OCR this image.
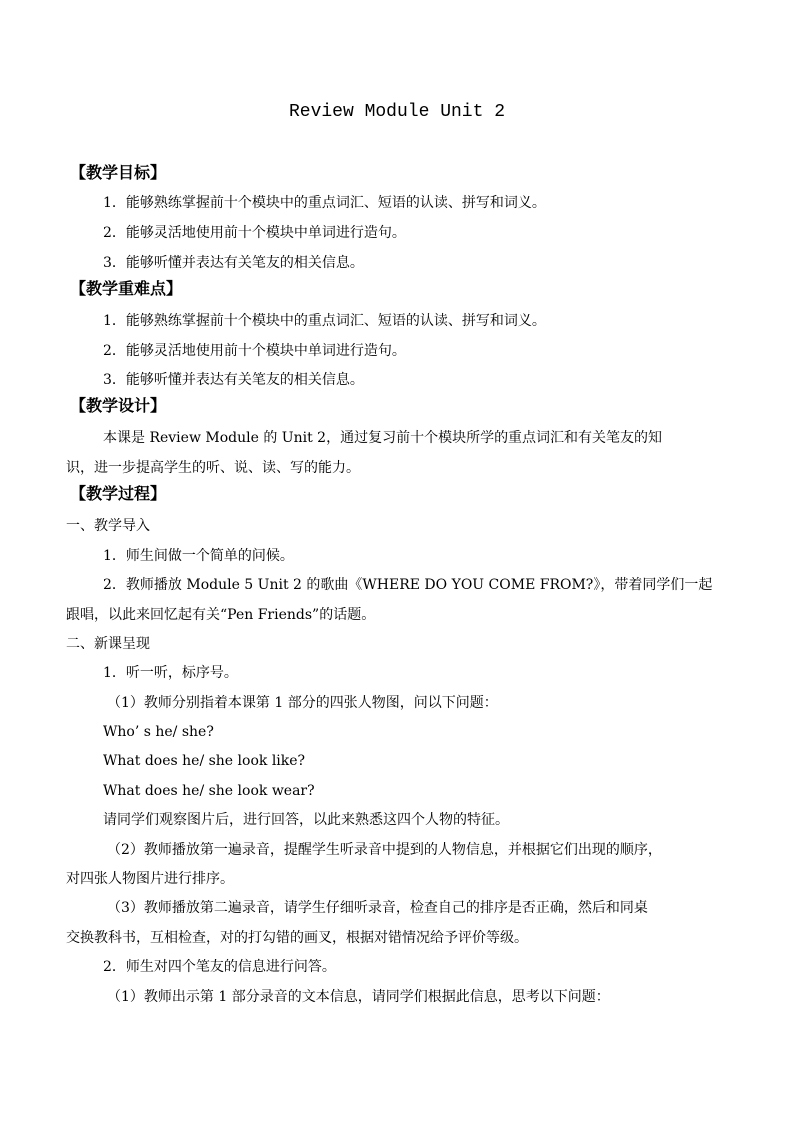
Review Module Unit 2
【教学目标】
1．能够熟练掌握前十个模块中的重点词汇、短语的认读、拼写和词义。
2．能够灵活地使用前十个模块中单词进行造句。
3．能够听懂并表达有关笔友的相关信息。
【教学重难点】
1．能够熟练掌握前十个模块中的重点词汇、短语的认读、拼写和词义。
2．能够灵活地使用前十个模块中单词进行造句。
3．能够听懂并表达有关笔友的相关信息。
【教学设计】
本课是 Review Module 的 Unit 2，通过复习前十个模块所学的重点词汇和有关笔友的知
识，进一步提高学生的听、说、读、写的能力。
【教学过程】
一、教学导入
1．师生间做一个简单的问候。
2．教师播放 Module 5 Unit 2 的歌曲《WHERE DO YOU COME FROM?》，带着同学们一起
跟唱，以此来回忆起有关“Pen Friends”的话题。
二、新课呈现
1．听一听，标序号。
（1）教师分别指着本课第 1 部分的四张人物图，问以下问题：
Who’ s he/ she?
What does he/ she look like?
What does he/ she look wear?
请同学们观察图片后，进行回答，以此来熟悉这四个人物的特征。
（2）教师播放第一遍录音，提醒学生听录音中提到的人物信息，并根据它们出现的顺序，
对四张人物图片进行排序。
（3）教师播放第二遍录音，请学生仔细听录音，检查自己的排序是否正确，然后和同桌
交换教科书，互相检查，对的打勾错的画叉，根据对错情况给予评价等级。
2．师生对四个笔友的信息进行问答。
（1）教师出示第 1 部分录音的文本信息，请同学们根据此信息，思考以下问题：
